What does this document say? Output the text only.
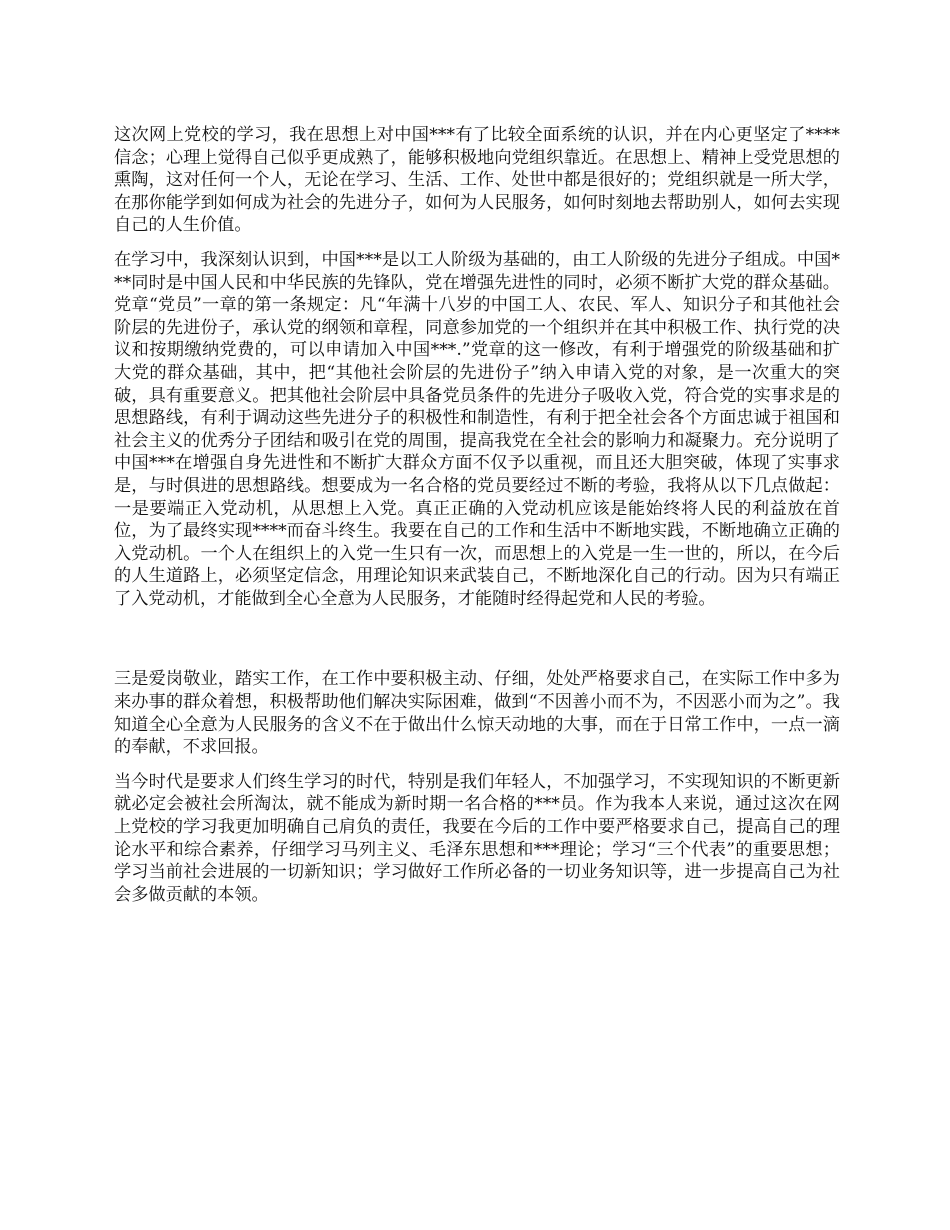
这次网上党校的学习，我在思想上对中国***有了比较全面系统的认识，并在内心更坚定了****信念；心理上觉得自己似乎更成熟了，能够积极地向党组织靠近。在思想上、精神上受党思想的熏陶，这对任何一个人，无论在学习、生活、工作、处世中都是很好的；党组织就是一所大学，在那你能学到如何成为社会的先进分子，如何为人民服务，如何时刻地去帮助别人，如何去实现自己的人生价值。

在学习中，我深刻认识到，中国***是以工人阶级为基础的，由工人阶级的先进分子组成。中国***同时是中国人民和中华民族的先锋队，党在增强先进性的同时，必须不断扩大党的群众基础。党章“党员”一章的第一条规定：凡“年满十八岁的中国工人、农民、军人、知识分子和其他社会阶层的先进份子，承认党的纲领和章程，同意参加党的一个组织并在其中积极工作、执行党的决议和按期缴纳党费的，可以申请加入中国***.”党章的这一修改，有利于增强党的阶级基础和扩大党的群众基础，其中，把“其他社会阶层的先进份子”纳入申请入党的对象，是一次重大的突破，具有重要意义。把其他社会阶层中具备党员条件的先进分子吸收入党，符合党的实事求是的思想路线，有利于调动这些先进分子的积极性和制造性，有利于把全社会各个方面忠诚于祖国和社会主义的优秀分子团结和吸引在党的周围，提高我党在全社会的影响力和凝聚力。充分说明了中国***在增强自身先进性和不断扩大群众方面不仅予以重视，而且还大胆突破，体现了实事求是，与时俱进的思想路线。想要成为一名合格的党员要经过不断的考验，我将从以下几点做起：一是要端正入党动机，从思想上入党。真正正确的入党动机应该是能始终将人民的利益放在首位，为了最终实现****而奋斗终生。我要在自己的工作和生活中不断地实践，不断地确立正确的入党动机。一个人在组织上的入党一生只有一次，而思想上的入党是一生一世的，所以，在今后的人生道路上，必须坚定信念，用理论知识来武装自己，不断地深化自己的行动。因为只有端正了入党动机，才能做到全心全意为人民服务，才能随时经得起党和人民的考验。

三是爱岗敬业，踏实工作，在工作中要积极主动、仔细，处处严格要求自己，在实际工作中多为来办事的群众着想，积极帮助他们解决实际困难，做到“不因善小而不为，不因恶小而为之”。我知道全心全意为人民服务的含义不在于做出什么惊天动地的大事，而在于日常工作中，一点一滴的奉献，不求回报。

当今时代是要求人们终生学习的时代，特别是我们年轻人，不加强学习，不实现知识的不断更新就必定会被社会所淘汰，就不能成为新时期一名合格的***员。作为我本人来说，通过这次在网上党校的学习我更加明确自己肩负的责任，我要在今后的工作中要严格要求自己，提高自己的理论水平和综合素养，仔细学习马列主义、毛泽东思想和***理论；学习“三个代表”的重要思想；学习当前社会进展的一切新知识；学习做好工作所必备的一切业务知识等，进一步提高自己为社会多做贡献的本领。
